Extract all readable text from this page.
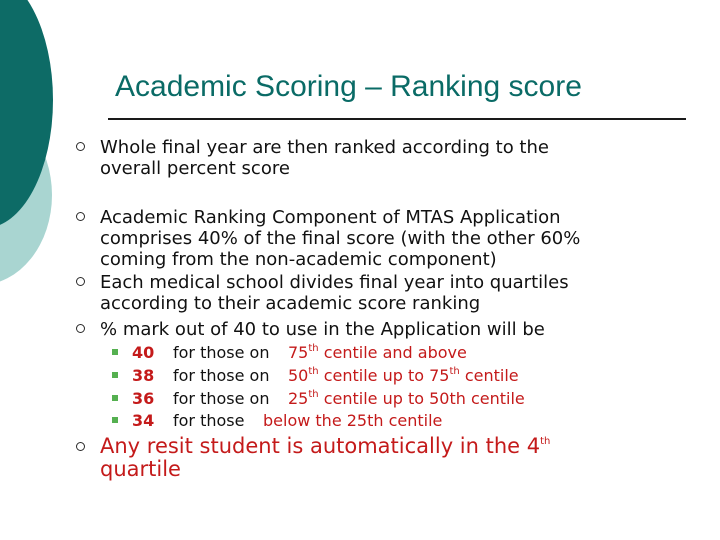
Academic Scoring – Ranking score
Whole final year are then ranked according to the
overall percent score
Academic Ranking Component of MTAS Application
comprises 40% of the final score (with the other 60%
coming from the non-academic component)
Each medical school divides final year into quartiles
according to their academic score ranking
% mark out of 40 to use in the Application will be
40 for those on 75th centile and above
38 for those on 50th centile up to 75th centile
36 for those on 25th centile up to 50th centile
34 for those below the 25th centile
Any resit student is automatically in the 4th
quartile
